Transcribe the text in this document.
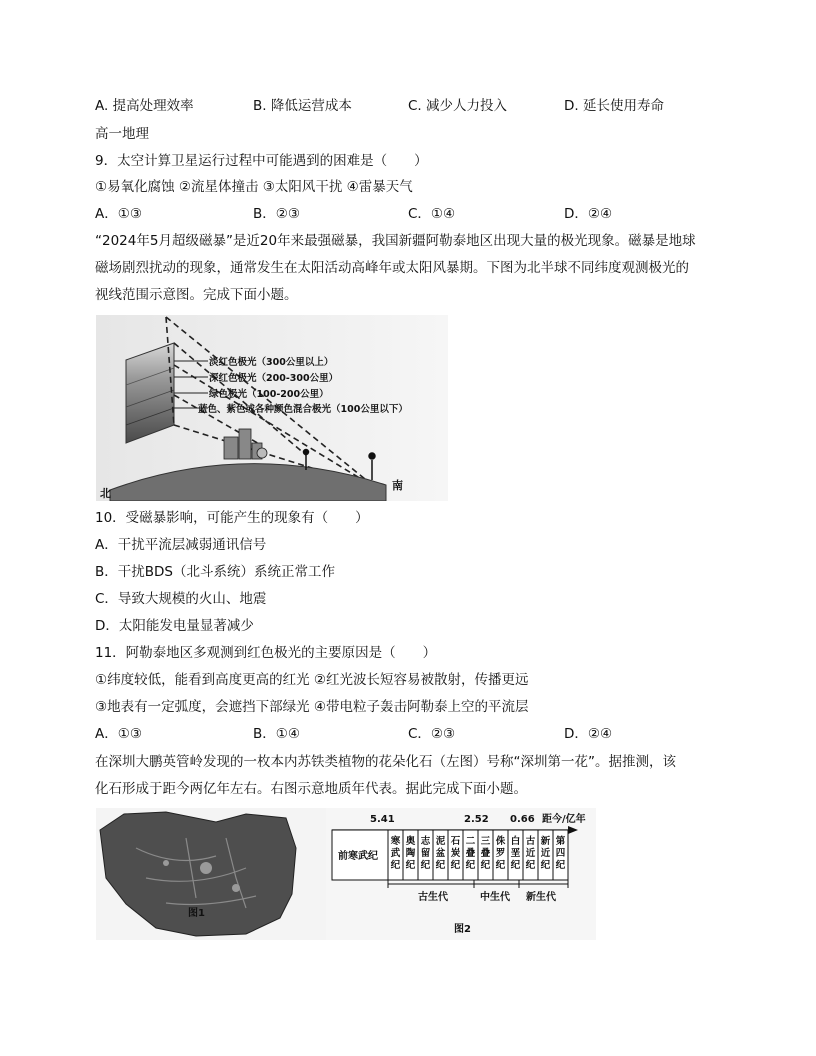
A. 提高处理效率	B. 降低运营成本	C. 减少人力投入	D. 延长使用寿命
高一地理
9．太空计算卫星运行过程中可能遇到的困难是（　　）
①易氧化腐蚀 ②流星体撞击 ③太阳风干扰 ④雷暴天气
A．①③	B．②③	C．①④	D．②④
“2024年5月超级磁暴”是近20年来最强磁暴，我国新疆阿勒泰地区出现大量的极光现象。磁暴是地球
磁场剧烈扰动的现象，通常发生在太阳活动高峰年或太阳风暴期。下图为北半球不同纬度观测极光的
视线范围示意图。完成下面小题。
淡红色极光（300公里以上）
深红色极光（200-300公里）
绿色极光（100-200公里）
蓝色、紫色或各种颜色混合极光（100公里以下）
北
南
10．受磁暴影响，可能产生的现象有（　　）
A．干扰平流层减弱通讯信号
B．干扰BDS（北斗系统）系统正常工作
C．导致大规模的火山、地震
D．太阳能发电量显著减少
11．阿勒泰地区多观测到红色极光的主要原因是（　　）
①纬度较低，能看到高度更高的红光 ②红光波长短容易被散射，传播更远
③地表有一定弧度，会遮挡下部绿光 ④带电粒子轰击阿勒泰上空的平流层
A．①③	B．①④	C．②③	D．②④
在深圳大鹏英管岭发现的一枚本内苏铁类植物的花朵化石（左图）号称“深圳第一花”。据推测，该
化石形成于距今两亿年左右。右图示意地质年代表。据此完成下面小题。
图1
5.41	2.52 0.66 距今/亿年
前寒武纪
寒武纪
奥陶纪
志留纪
泥盆纪
石炭纪
二叠纪
三叠纪
侏罗纪
白垩纪
古近纪
新近纪
第四纪
古生代	中生代 新生代
图2
